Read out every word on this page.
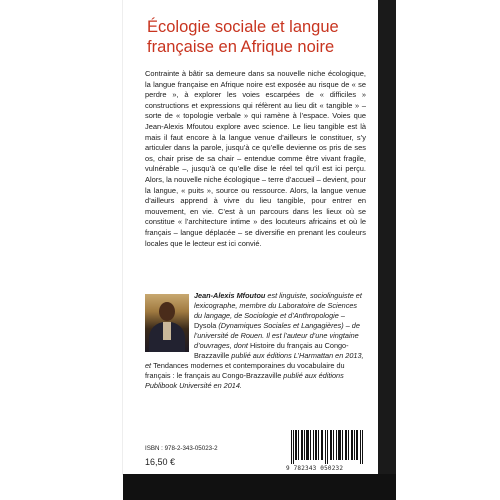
Écologie sociale et langue
française en Afrique noire

Contrainte à bâtir sa demeure dans sa nouvelle niche écologique, la langue française en Afrique noire est exposée au risque de « se perdre », à explorer les voies escarpées de « difficiles » constructions et expressions qui réfèrent au lieu dit « tangible » – sorte de « topologie verbale » qui ramène à l’espace. Voies que Jean-Alexis Mfoutou explore avec science. Le lieu tangible est là mais il faut encore à la langue venue d’ailleurs le constituer, s’y articuler dans la parole, jusqu’à ce qu’elle devienne os pris de ses os, chair prise de sa chair – entendue comme être vivant fragile, vulnérable –, jusqu’à ce qu’elle dise le réel tel qu’il est ici perçu. Alors, la nouvelle niche écologique – terre d’accueil – devient, pour la langue, « puits », source ou ressource. Alors, la langue venue d’ailleurs apprend à vivre du lieu tangible, pour entrer en mouvement, en vie. C’est à un parcours dans les lieux où se constitue « l’architecture intime » des locuteurs africains et où le français – langue déplacée – se diversifie en prenant les couleurs locales que le lecteur est ici convié.

Jean-Alexis Mfoutou est linguiste, sociolinguiste et lexicographe, membre du Laboratoire de Sciences du langage, de Sociologie et d’Anthropologie – Dysola (Dynamiques Sociales et Langagières) – de l’université de Rouen. Il est l’auteur d’une vingtaine d’ouvrages, dont Histoire du français au Congo-Brazzaville publié aux éditions L’Harmattan en 2013, et Tendances modernes et contemporaines du vocabulaire du français : le français au Congo-Brazzaville publié aux éditions Publibook Université en 2014.
ISBN : 978-2-343-05023-2
16,50 €
9 782343 050232
